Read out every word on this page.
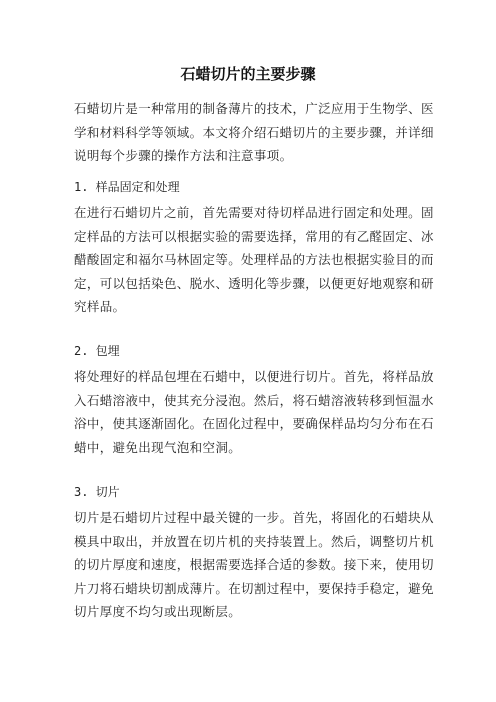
石蜡切片的主要步骤
石蜡切片是一种常用的制备薄片的技术，广泛应用于生物学、医学和材料科学等领域。本文将介绍石蜡切片的主要步骤，并详细说明每个步骤的操作方法和注意事项。
1. 样品固定和处理
在进行石蜡切片之前，首先需要对待切样品进行固定和处理。固定样品的方法可以根据实验的需要选择，常用的有乙醛固定、冰醋酸固定和福尔马林固定等。处理样品的方法也根据实验目的而定，可以包括染色、脱水、透明化等步骤，以便更好地观察和研究样品。
2. 包埋
将处理好的样品包埋在石蜡中，以便进行切片。首先，将样品放入石蜡溶液中，使其充分浸泡。然后，将石蜡溶液转移到恒温水浴中，使其逐渐固化。在固化过程中，要确保样品均匀分布在石蜡中，避免出现气泡和空洞。
3. 切片
切片是石蜡切片过程中最关键的一步。首先，将固化的石蜡块从模具中取出，并放置在切片机的夹持装置上。然后，调整切片机的切片厚度和速度，根据需要选择合适的参数。接下来，使用切片刀将石蜡块切割成薄片。在切割过程中，要保持手稳定，避免切片厚度不均匀或出现断层。
